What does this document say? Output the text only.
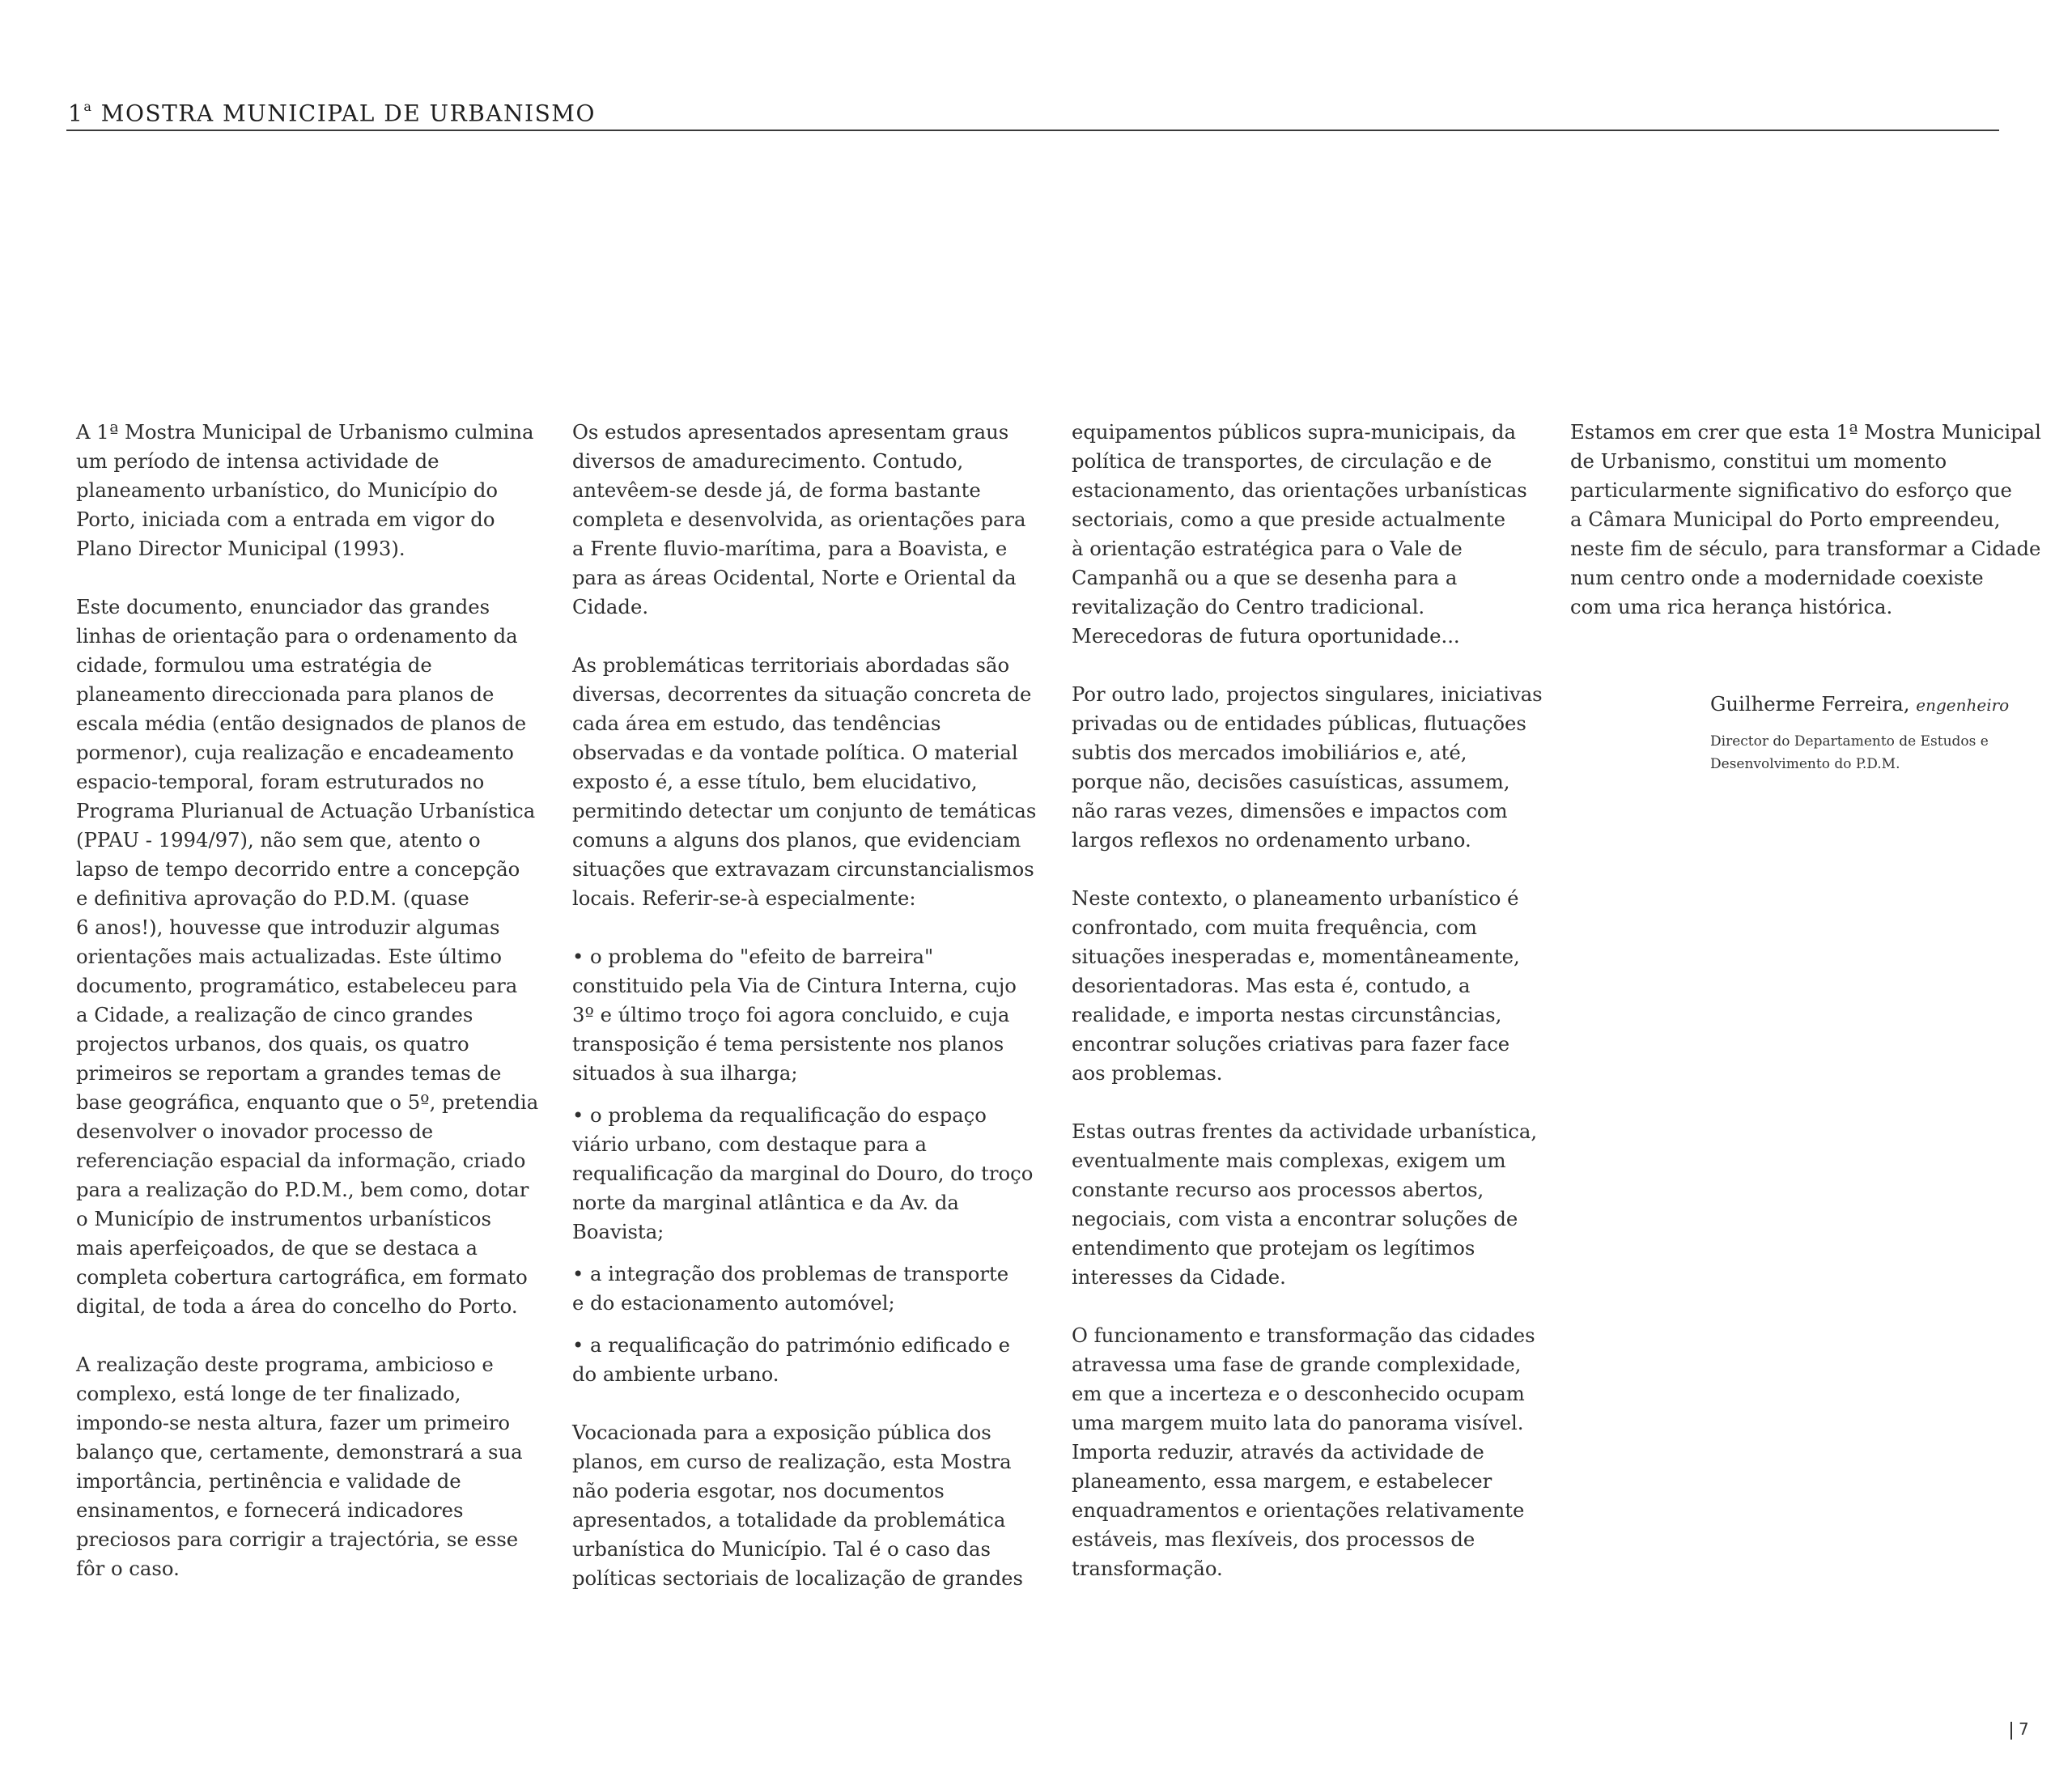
1$^a$ MOSTRA MUNICIPAL DE URBANISMO
A 1ª Mostra Municipal de Urbanismo culmina
um período de intensa actividade de
planeamento urbanístico, do Município do
Porto, iniciada com a entrada em vigor do
Plano Director Municipal (1993).
Este documento, enunciador das grandes
linhas de orientação para o ordenamento da
cidade, formulou uma estratégia de
planeamento direccionada para planos de
escala média (então designados de planos de
pormenor), cuja realização e encadeamento
espacio-temporal, foram estruturados no
Programa Plurianual de Actuação Urbanística
(PPAU - 1994/97), não sem que, atento o
lapso de tempo decorrido entre a concepção
e definitiva aprovação do P.D.M. (quase
6 anos!), houvesse que introduzir algumas
orientações mais actualizadas. Este último
documento, programático, estabeleceu para
a Cidade, a realização de cinco grandes
projectos urbanos, dos quais, os quatro
primeiros se reportam a grandes temas de
base geográfica, enquanto que o 5º, pretendia
desenvolver o inovador processo de
referenciação espacial da informação, criado
para a realização do P.D.M., bem como, dotar
o Município de instrumentos urbanísticos
mais aperfeiçoados, de que se destaca a
completa cobertura cartográfica, em formato
digital, de toda a área do concelho do Porto.
A realização deste programa, ambicioso e
complexo, está longe de ter finalizado,
impondo-se nesta altura, fazer um primeiro
balanço que, certamente, demonstrará a sua
importância, pertinência e validade de
ensinamentos, e fornecerá indicadores
preciosos para corrigir a trajectória, se esse
fôr o caso.
Os estudos apresentados apresentam graus
diversos de amadurecimento. Contudo,
antevêem-se desde já, de forma bastante
completa e desenvolvida, as orientações para
a Frente fluvio-marítima, para a Boavista, e
para as áreas Ocidental, Norte e Oriental da
Cidade.
As problemáticas territoriais abordadas são
diversas, decorrentes da situação concreta de
cada área em estudo, das tendências
observadas e da vontade política. O material
exposto é, a esse título, bem elucidativo,
permitindo detectar um conjunto de temáticas
comuns a alguns dos planos, que evidenciam
situações que extravazam circunstancialismos
locais. Referir-se-à especialmente:
• o problema do "efeito de barreira"
constituido pela Via de Cintura Interna, cujo
3º e último troço foi agora concluido, e cuja
transposição é tema persistente nos planos
situados à sua ilharga;
• o problema da requalificação do espaço
viário urbano, com destaque para a
requalificação da marginal do Douro, do troço
norte da marginal atlântica e da Av. da
Boavista;
• a integração dos problemas de transporte
e do estacionamento automóvel;
• a requalificação do património edificado e
do ambiente urbano.
Vocacionada para a exposição pública dos
planos, em curso de realização, esta Mostra
não poderia esgotar, nos documentos
apresentados, a totalidade da problemática
urbanística do Município. Tal é o caso das
políticas sectoriais de localização de grandes
equipamentos públicos supra-municipais, da
política de transportes, de circulação e de
estacionamento, das orientações urbanísticas
sectoriais, como a que preside actualmente
à orientação estratégica para o Vale de
Campanhã ou a que se desenha para a
revitalização do Centro tradicional.
Merecedoras de futura oportunidade...
Por outro lado, projectos singulares, iniciativas
privadas ou de entidades públicas, flutuações
subtis dos mercados imobiliários e, até,
porque não, decisões casuísticas, assumem,
não raras vezes, dimensões e impactos com
largos reflexos no ordenamento urbano.
Neste contexto, o planeamento urbanístico é
confrontado, com muita frequência, com
situações inesperadas e, momentâneamente,
desorientadoras. Mas esta é, contudo, a
realidade, e importa nestas circunstâncias,
encontrar soluções criativas para fazer face
aos problemas.
Estas outras frentes da actividade urbanística,
eventualmente mais complexas, exigem um
constante recurso aos processos abertos,
negociais, com vista a encontrar soluções de
entendimento que protejam os legítimos
interesses da Cidade.
O funcionamento e transformação das cidades
atravessa uma fase de grande complexidade,
em que a incerteza e o desconhecido ocupam
uma margem muito lata do panorama visível.
Importa reduzir, através da actividade de
planeamento, essa margem, e estabelecer
enquadramentos e orientações relativamente
estáveis, mas flexíveis, dos processos de
transformação.
Estamos em crer que esta 1ª Mostra Municipal
de Urbanismo, constitui um momento
particularmente significativo do esforço que
a Câmara Municipal do Porto empreendeu,
neste fim de século, para transformar a Cidade
num centro onde a modernidade coexiste
com uma rica herança histórica.
Guilherme Ferreira, engenheiro
Director do Departamento de Estudos e
Desenvolvimento do P.D.M.
7
